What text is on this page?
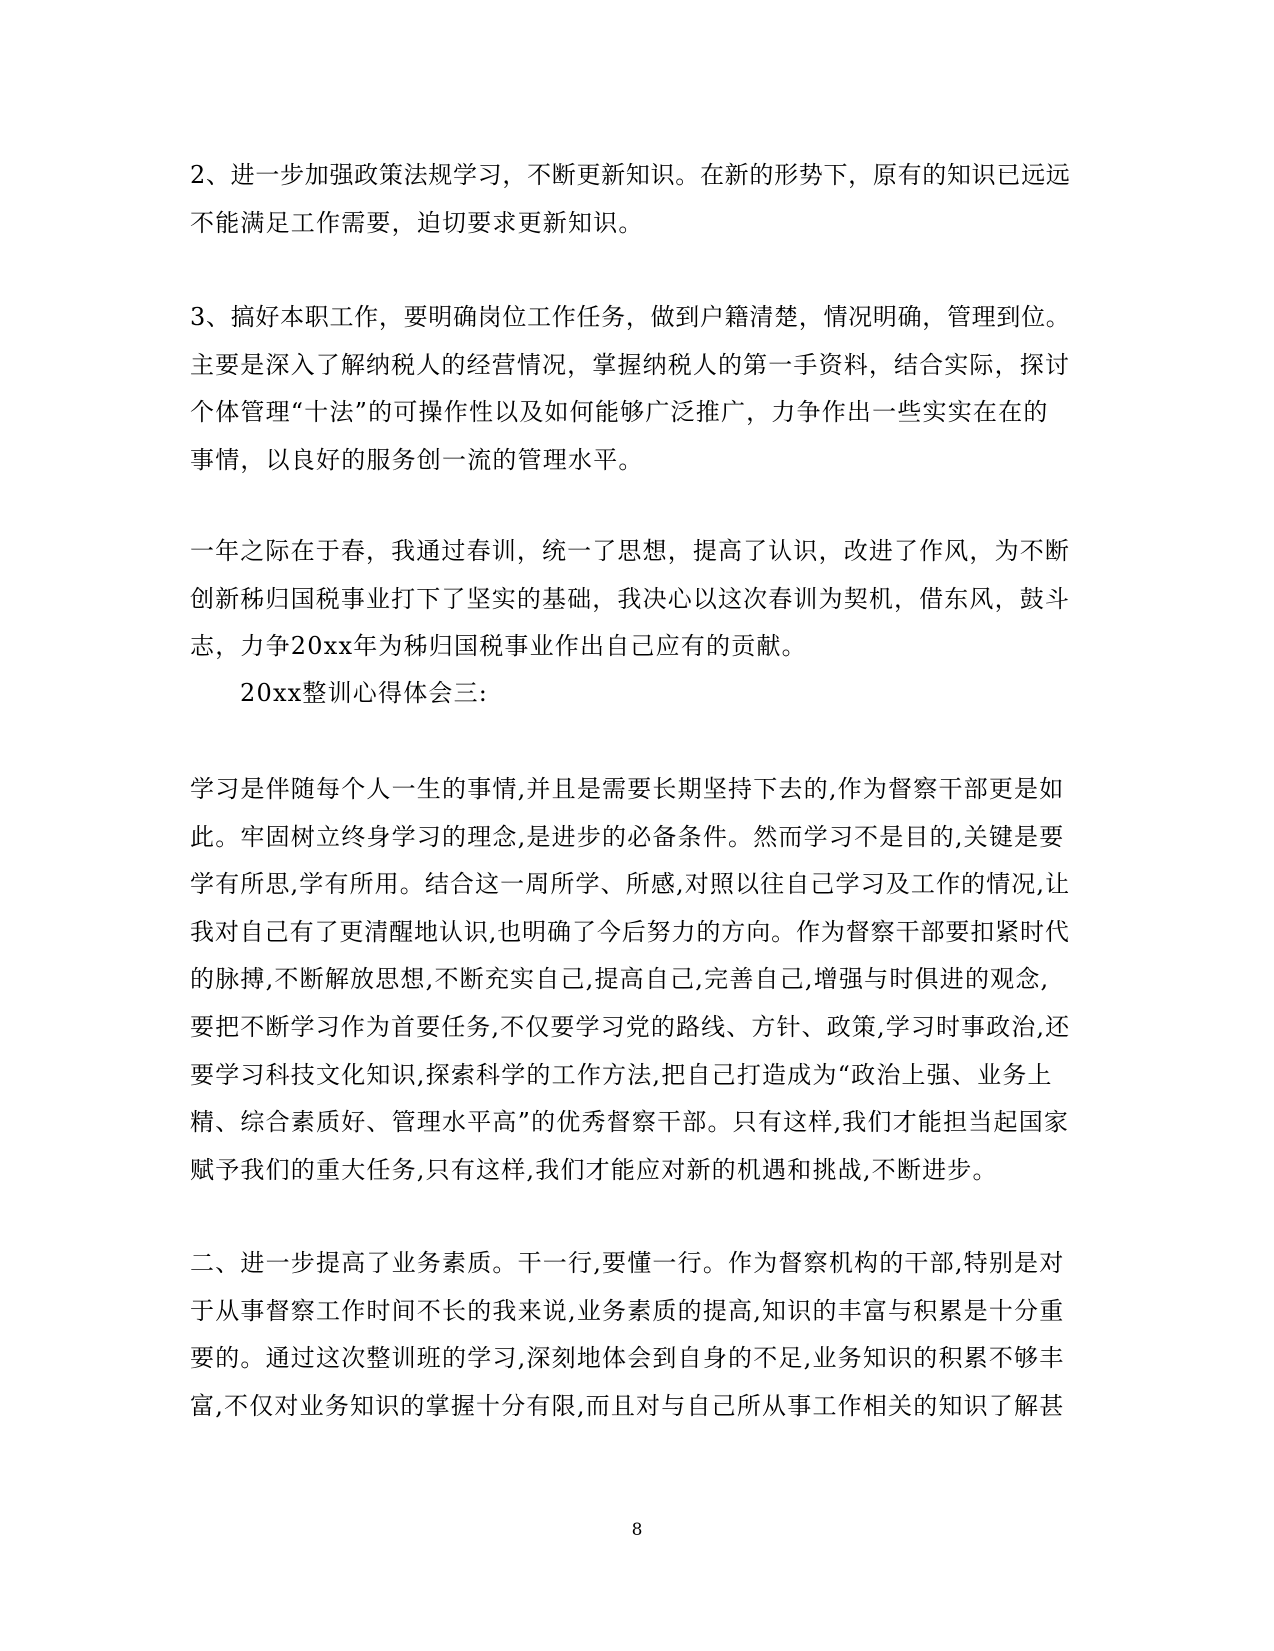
2、进一步加强政策法规学习，不断更新知识。在新的形势下，原有的知识已远远
不能满足工作需要，迫切要求更新知识。
3、搞好本职工作，要明确岗位工作任务，做到户籍清楚，情况明确，管理到位。
主要是深入了解纳税人的经营情况，掌握纳税人的第一手资料，结合实际，探讨
个体管理“十法”的可操作性以及如何能够广泛推广，力争作出一些实实在在的
事情，以良好的服务创一流的管理水平。
一年之际在于春，我通过春训，统一了思想，提高了认识，改进了作风，为不断
创新秭归国税事业打下了坚实的基础，我决心以这次春训为契机，借东风，鼓斗
志，力争20xx年为秭归国税事业作出自己应有的贡献。
20xx整训心得体会三:
学习是伴随每个人一生的事情,并且是需要长期坚持下去的,作为督察干部更是如
此。牢固树立终身学习的理念,是进步的必备条件。然而学习不是目的,关键是要
学有所思,学有所用。结合这一周所学、所感,对照以往自己学习及工作的情况,让
我对自己有了更清醒地认识,也明确了今后努力的方向。作为督察干部要扣紧时代
的脉搏,不断解放思想,不断充实自己,提高自己,完善自己,增强与时俱进的观念,
要把不断学习作为首要任务,不仅要学习党的路线、方针、政策,学习时事政治,还
要学习科技文化知识,探索科学的工作方法,把自己打造成为“政治上强、业务上
精、综合素质好、管理水平高”的优秀督察干部。只有这样,我们才能担当起国家
赋予我们的重大任务,只有这样,我们才能应对新的机遇和挑战,不断进步。
二、进一步提高了业务素质。干一行,要懂一行。作为督察机构的干部,特别是对
于从事督察工作时间不长的我来说,业务素质的提高,知识的丰富与积累是十分重
要的。通过这次整训班的学习,深刻地体会到自身的不足,业务知识的积累不够丰
富,不仅对业务知识的掌握十分有限,而且对与自己所从事工作相关的知识了解甚
8
